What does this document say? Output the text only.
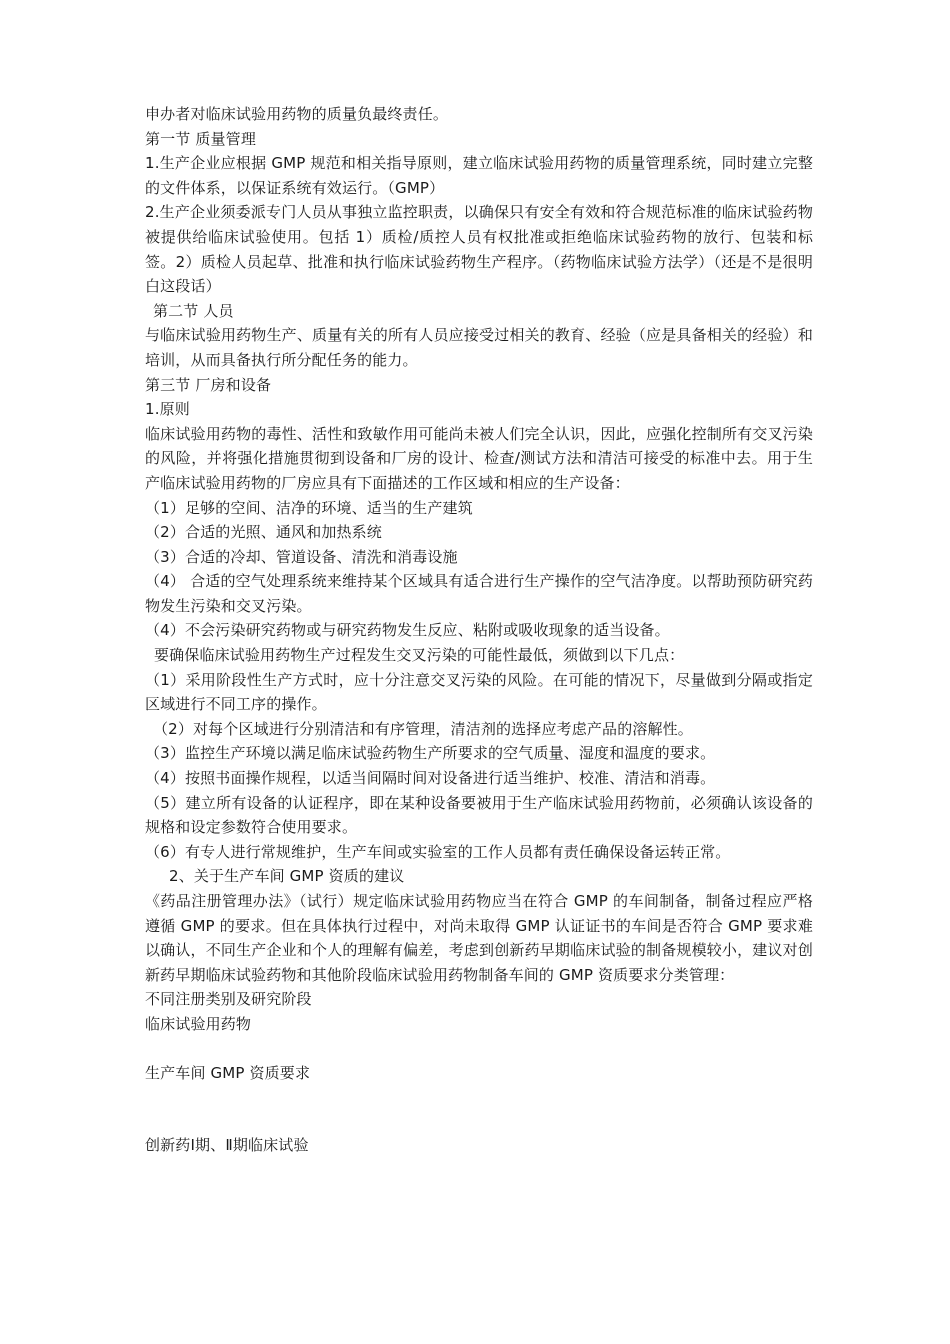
申办者对临床试验用药物的质量负最终责任。

第一节 质量管理

1.生产企业应根据 GMP 规范和相关指导原则，建立临床试验用药物的质量管理系统，同时建立完整的文件体系，以保证系统有效运行。（GMP）

2.生产企业须委派专门人员从事独立监控职责，以确保只有安全有效和符合规范标准的临床试验药物被提供给临床试验使用。包括 1）质检/质控人员有权批准或拒绝临床试验药物的放行、包装和标签。2）质检人员起草、批准和执行临床试验药物生产程序。（药物临床试验方法学）（还是不是很明白这段话）

第二节 人员

与临床试验用药物生产、质量有关的所有人员应接受过相关的教育、经验（应是具备相关的经验）和培训，从而具备执行所分配任务的能力。

第三节 厂房和设备

1.原则

临床试验用药物的毒性、活性和致敏作用可能尚未被人们完全认识，因此，应强化控制所有交叉污染的风险，并将强化措施贯彻到设备和厂房的设计、检查/测试方法和清洁可接受的标准中去。用于生产临床试验用药物的厂房应具有下面描述的工作区域和相应的生产设备：

（1）足够的空间、洁净的环境、适当的生产建筑

（2）合适的光照、通风和加热系统

（3）合适的冷却、管道设备、清洗和消毒设施

（4） 合适的空气处理系统来维持某个区域具有适合进行生产操作的空气洁净度。以帮助预防研究药物发生污染和交叉污染。

（4）不会污染研究药物或与研究药物发生反应、粘附或吸收现象的适当设备。

要确保临床试验用药物生产过程发生交叉污染的可能性最低，须做到以下几点：

（1）采用阶段性生产方式时，应十分注意交叉污染的风险。在可能的情况下，尽量做到分隔或指定区域进行不同工序的操作。

（2）对每个区域进行分别清洁和有序管理，清洁剂的选择应考虑产品的溶解性。

（3）监控生产环境以满足临床试验药物生产所要求的空气质量、湿度和温度的要求。

（4）按照书面操作规程，以适当间隔时间对设备进行适当维护、校准、清洁和消毒。

（5）建立所有设备的认证程序，即在某种设备要被用于生产临床试验用药物前，必须确认该设备的规格和设定参数符合使用要求。

（6）有专人进行常规维护，生产车间或实验室的工作人员都有责任确保设备运转正常。

2、关于生产车间 GMP 资质的建议

《药品注册管理办法》（试行）规定临床试验用药物应当在符合 GMP 的车间制备，制备过程应严格遵循 GMP 的要求。但在具体执行过程中，对尚未取得 GMP 认证证书的车间是否符合 GMP 要求难以确认，不同生产企业和个人的理解有偏差，考虑到创新药早期临床试验的制备规模较小，建议对创新药早期临床试验药物和其他阶段临床试验用药物制备车间的 GMP 资质要求分类管理：

不同注册类别及研究阶段

临床试验用药物

生产车间 GMP 资质要求

创新药Ⅰ期、Ⅱ期临床试验
